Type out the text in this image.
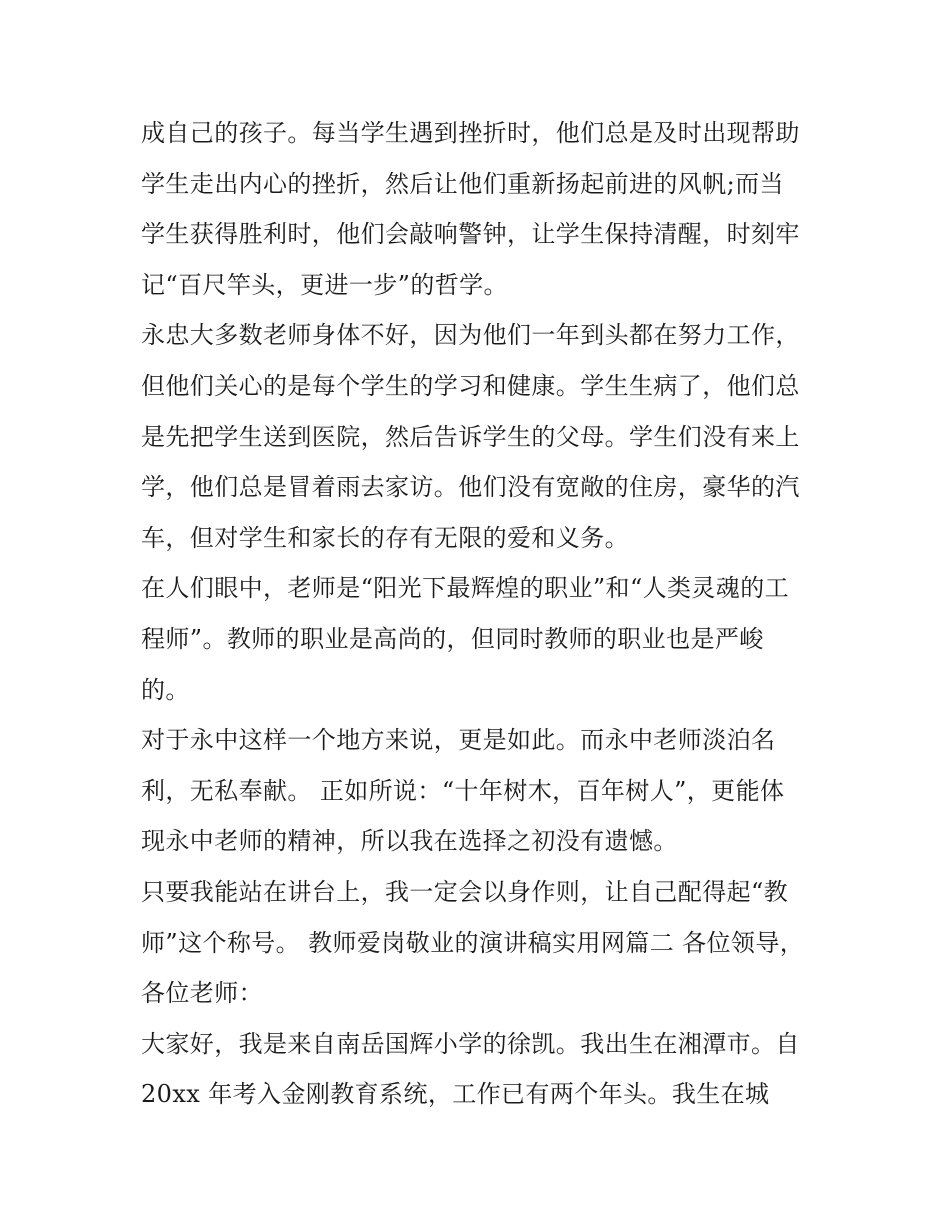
成自己的孩子。每当学生遇到挫折时，他们总是及时出现帮助
学生走出内心的挫折，然后让他们重新扬起前进的风帆;而当
学生获得胜利时，他们会敲响警钟，让学生保持清醒，时刻牢
记“百尺竿头，更进一步”的哲学。
永忠大多数老师身体不好，因为他们一年到头都在努力工作，
但他们关心的是每个学生的学习和健康。学生生病了，他们总
是先把学生送到医院，然后告诉学生的父母。学生们没有来上
学，他们总是冒着雨去家访。他们没有宽敞的住房，豪华的汽
车，但对学生和家长的存有无限的爱和义务。
在人们眼中，老师是“阳光下最辉煌的职业”和“人类灵魂的工
程师”。教师的职业是高尚的，但同时教师的职业也是严峻
的。
对于永中这样一个地方来说，更是如此。而永中老师淡泊名
利，无私奉献。 正如所说：“十年树木，百年树人”，更能体
现永中老师的精神，所以我在选择之初没有遗憾。
只要我能站在讲台上，我一定会以身作则，让自己配得起“教
师”这个称号。 教师爱岗敬业的演讲稿实用网篇二 各位领导，
各位老师：
大家好，我是来自南岳国辉小学的徐凯。我出生在湘潭市。自
20xx 年考入金刚教育系统，工作已有两个年头。我生在城
